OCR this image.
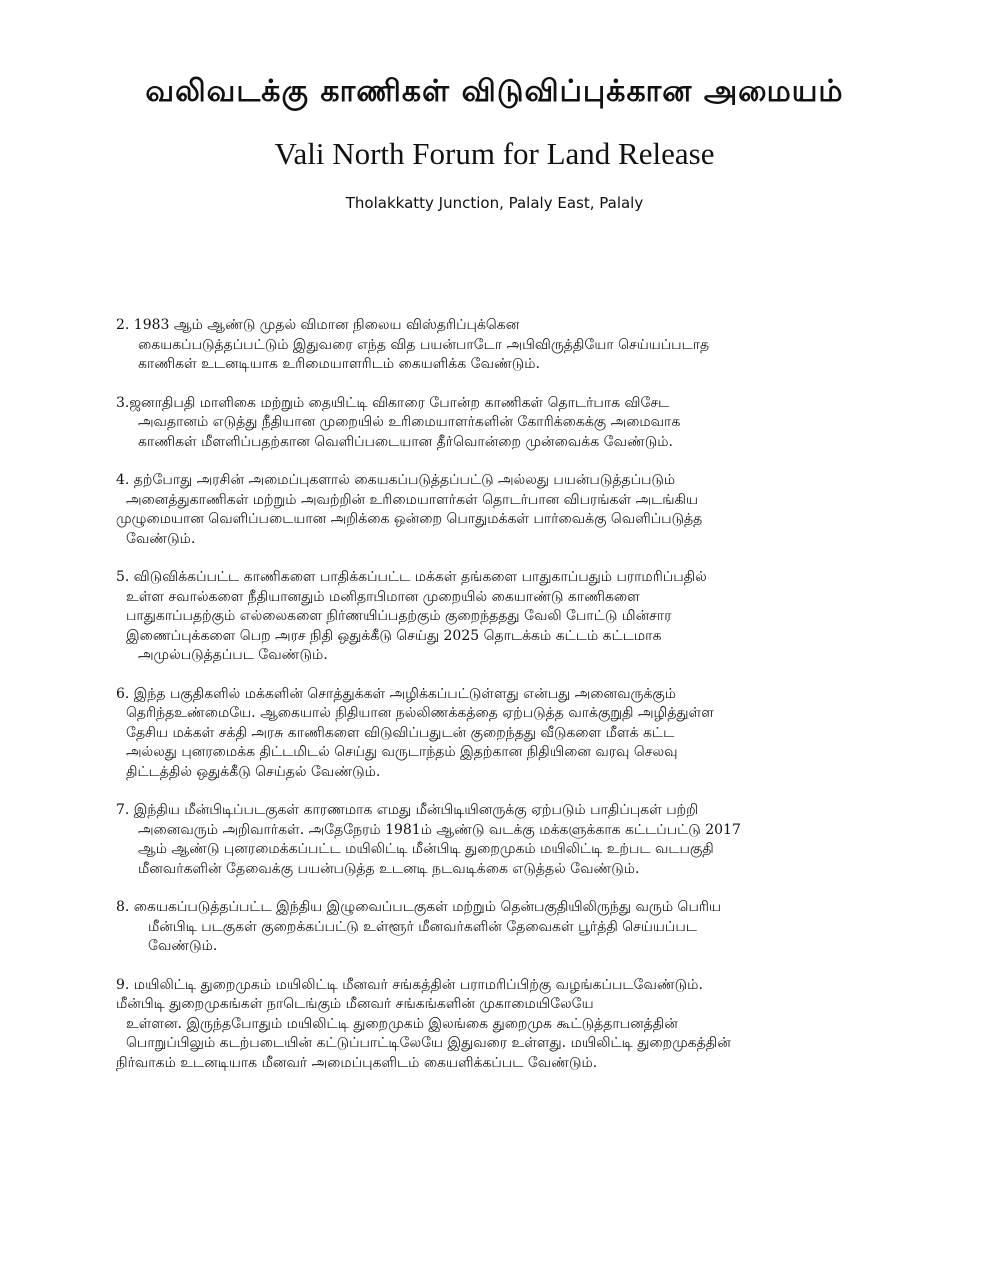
வலிவடக்கு காணிகள் விடுவிப்புக்கான அமையம்
Vali North Forum for Land Release
Tholakkatty Junction, Palaly East, Palaly

2. 1983 ஆம் ஆண்டு முதல் விமான நிலைய விஸ்தரிப்புக்கென
கையகப்படுத்தப்பட்டும் இதுவரை எந்த வித பயன்பாடோ அபிவிருத்தியோ செய்யப்படாத
காணிகள் உடனடியாக உரிமையாளரிடம் கையளிக்க வேண்டும்.

3.ஜனாதிபதி மாளிகை மற்றும் தையிட்டி விகாரை போன்ற காணிகள் தொடர்பாக விசேட
அவதானம் எடுத்து நீதியான முறையில் உரிமையாளர்களின் கோரிக்கைக்கு அமைவாக
காணிகள் மீளளிப்பதற்கான வெளிப்படையான தீர்வொன்றை முன்வைக்க வேண்டும்.

4. தற்போது அரசின் அமைப்புகளால் கையகப்படுத்தப்பட்டு அல்லது பயன்படுத்தப்படும்
அனைத்துகாணிகள் மற்றும் அவற்றின் உரிமையாளர்கள் தொடர்பான விபரங்கள் அடங்கிய
முழுமையான வெளிப்படையான அறிக்கை ஒன்றை பொதுமக்கள் பார்வைக்கு வெளிப்படுத்த
வேண்டும்.

5. விடுவிக்கப்பட்ட காணிகளை பாதிக்கப்பட்ட மக்கள் தங்களை பாதுகாப்பதும் பராமரிப்பதில்
உள்ள சவால்களை நீதியானதும் மனிதாபிமான முறையில் கையாண்டு காணிகளை
பாதுகாப்பதற்கும் எல்லைகளை நிர்ணயிப்பதற்கும் குறைந்ததது வேலி போட்டு மின்சார
இணைப்புக்களை பெற அரச நிதி ஒதுக்கீடு செய்து 2025 தொடக்கம் கட்டம் கட்டமாக
அமுல்படுத்தப்பட வேண்டும்.

6. இந்த பகுதிகளில் மக்களின் சொத்துக்கள் அழிக்கப்பட்டுள்ளது என்பது அனைவருக்கும்
தெரிந்தஉண்மையே. ஆகையால் நிதியான நல்லிணக்கத்தை ஏற்படுத்த வாக்குறுதி அழித்துள்ள
தேசிய மக்கள் சக்தி அரசு காணிகளை விடுவிப்பதுடன் குறைந்தது வீடுகளை மீளக் கட்ட
அல்லது புனரமைக்க திட்டமிடல் செய்து வருடாந்தம் இதற்கான நிதியினை வரவு செலவு
திட்டத்தில் ஒதுக்கீடு செய்தல் வேண்டும்.

7. இந்திய மீன்பிடிப்படகுகள் காரணமாக எமது மீன்பிடியினருக்கு ஏற்படும் பாதிப்புகள் பற்றி
அனைவரும் அறிவார்கள். அதேநேரம் 1981ம் ஆண்டு வடக்கு மக்களுக்காக கட்டப்பட்டு 2017
ஆம் ஆண்டு புனரமைக்கப்பட்ட மயிலிட்டி மீன்பிடி துறைமுகம் மயிலிட்டி உற்பட வடபகுதி
மீனவர்களின் தேவைக்கு பயன்படுத்த உடனடி நடவடிக்கை எடுத்தல் வேண்டும்.

8. கையகப்படுத்தப்பட்ட இந்திய இழுவைப்படகுகள் மற்றும் தென்பகுதியிலிருந்து வரும் பெரிய
மீன்பிடி படகுகள் குறைக்கப்பட்டு உள்ளூர் மீனவர்களின் தேவைகள் பூர்த்தி செய்யப்பட
வேண்டும்.

9. மயிலிட்டி துறைமுகம் மயிலிட்டி மீனவர் சங்கத்தின் பராமரிப்பிற்கு வழங்கப்படவேண்டும்.
மீன்பிடி துறைமுகங்கள் நாடெங்கும் மீனவர் சங்கங்களின் முகாமையிலேயே
உள்ளன. இருந்தபோதும் மயிலிட்டி துறைமுகம் இலங்கை துறைமுக கூட்டுத்தாபனத்தின்
பொறுப்பிலும் கடற்படையின் கட்டுப்பாட்டிலேயே இதுவரை உள்ளது. மயிலிட்டி துறைமுகத்தின்
நிர்வாகம் உடனடியாக மீனவர் அமைப்புகளிடம் கையளிக்கப்பட வேண்டும்.
